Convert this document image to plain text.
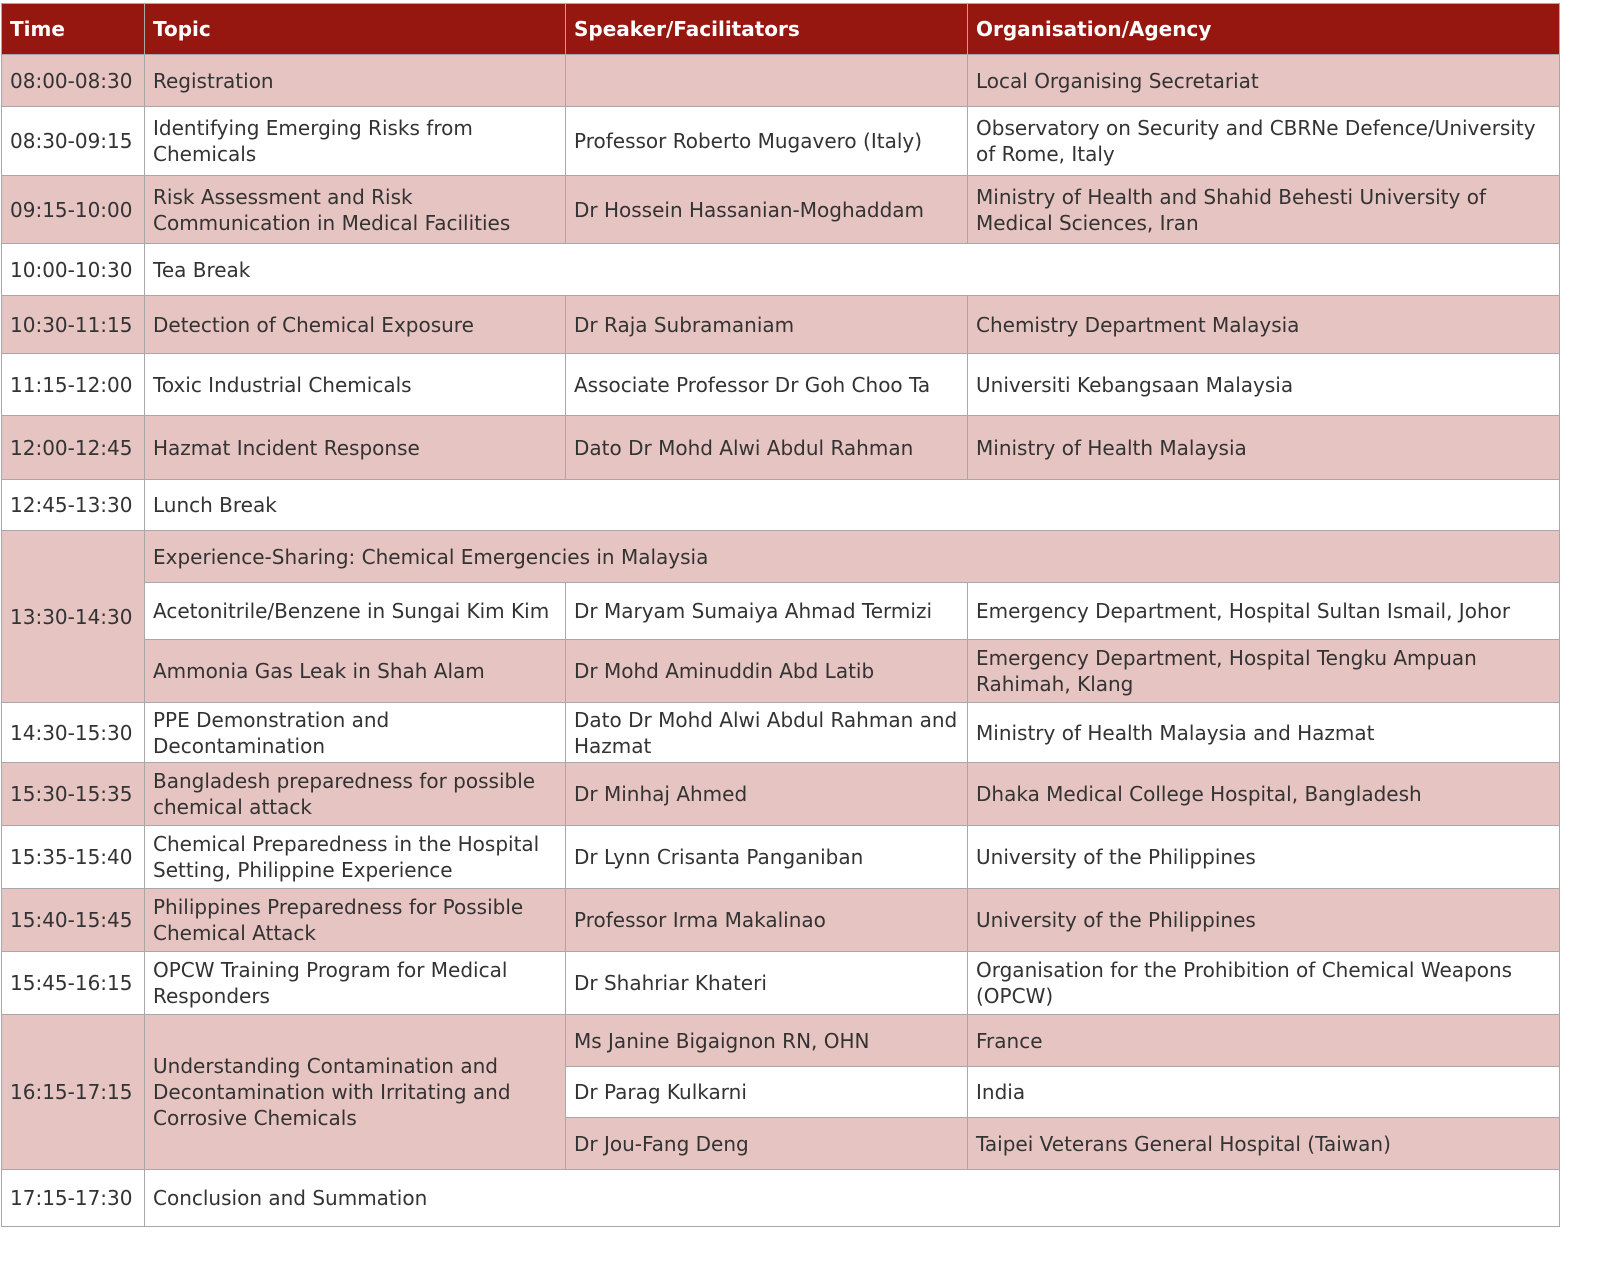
Time	Topic	Speaker/Facilitators	Organisation/Agency
08:00-08:30	Registration		Local Organising Secretariat
08:30-09:15	Identifying Emerging Risks from Chemicals	Professor Roberto Mugavero (Italy)	Observatory on Security and CBRNe Defence/University of Rome, Italy
09:15-10:00	Risk Assessment and Risk Communication in Medical Facilities	Dr Hossein Hassanian-Moghaddam	Ministry of Health and Shahid Behesti University of Medical Sciences, Iran
10:00-10:30	Tea Break		
10:30-11:15	Detection of Chemical Exposure	Dr Raja Subramaniam	Chemistry Department Malaysia
11:15-12:00	Toxic Industrial Chemicals	Associate Professor Dr Goh Choo Ta	Universiti Kebangsaan Malaysia
12:00-12:45	Hazmat Incident Response	Dato Dr Mohd Alwi Abdul Rahman	Ministry of Health Malaysia
12:45-13:30	Lunch Break		
13:30-14:30	Experience-Sharing: Chemical Emergencies in Malaysia		
	Acetonitrile/Benzene in Sungai Kim Kim	Dr Maryam Sumaiya Ahmad Termizi	Emergency Department, Hospital Sultan Ismail, Johor
	Ammonia Gas Leak in Shah Alam	Dr Mohd Aminuddin Abd Latib	Emergency Department, Hospital Tengku Ampuan Rahimah, Klang
14:30-15:30	PPE Demonstration and Decontamination	Dato Dr Mohd Alwi Abdul Rahman and Hazmat	Ministry of Health Malaysia and Hazmat
15:30-15:35	Bangladesh preparedness for possible chemical attack	Dr Minhaj Ahmed	Dhaka Medical College Hospital, Bangladesh
15:35-15:40	Chemical Preparedness in the Hospital Setting, Philippine Experience	Dr Lynn Crisanta Panganiban	University of the Philippines
15:40-15:45	Philippines Preparedness for Possible Chemical Attack	Professor Irma Makalinao	University of the Philippines
15:45-16:15	OPCW Training Program for Medical Responders	Dr Shahriar Khateri	Organisation for the Prohibition of Chemical Weapons (OPCW)
16:15-17:15	Understanding Contamination and Decontamination with Irritating and Corrosive Chemicals	Ms Janine Bigaignon RN, OHN	France
		Dr Parag Kulkarni	India
		Dr Jou-Fang Deng	Taipei Veterans General Hospital (Taiwan)
17:15-17:30	Conclusion and Summation		
